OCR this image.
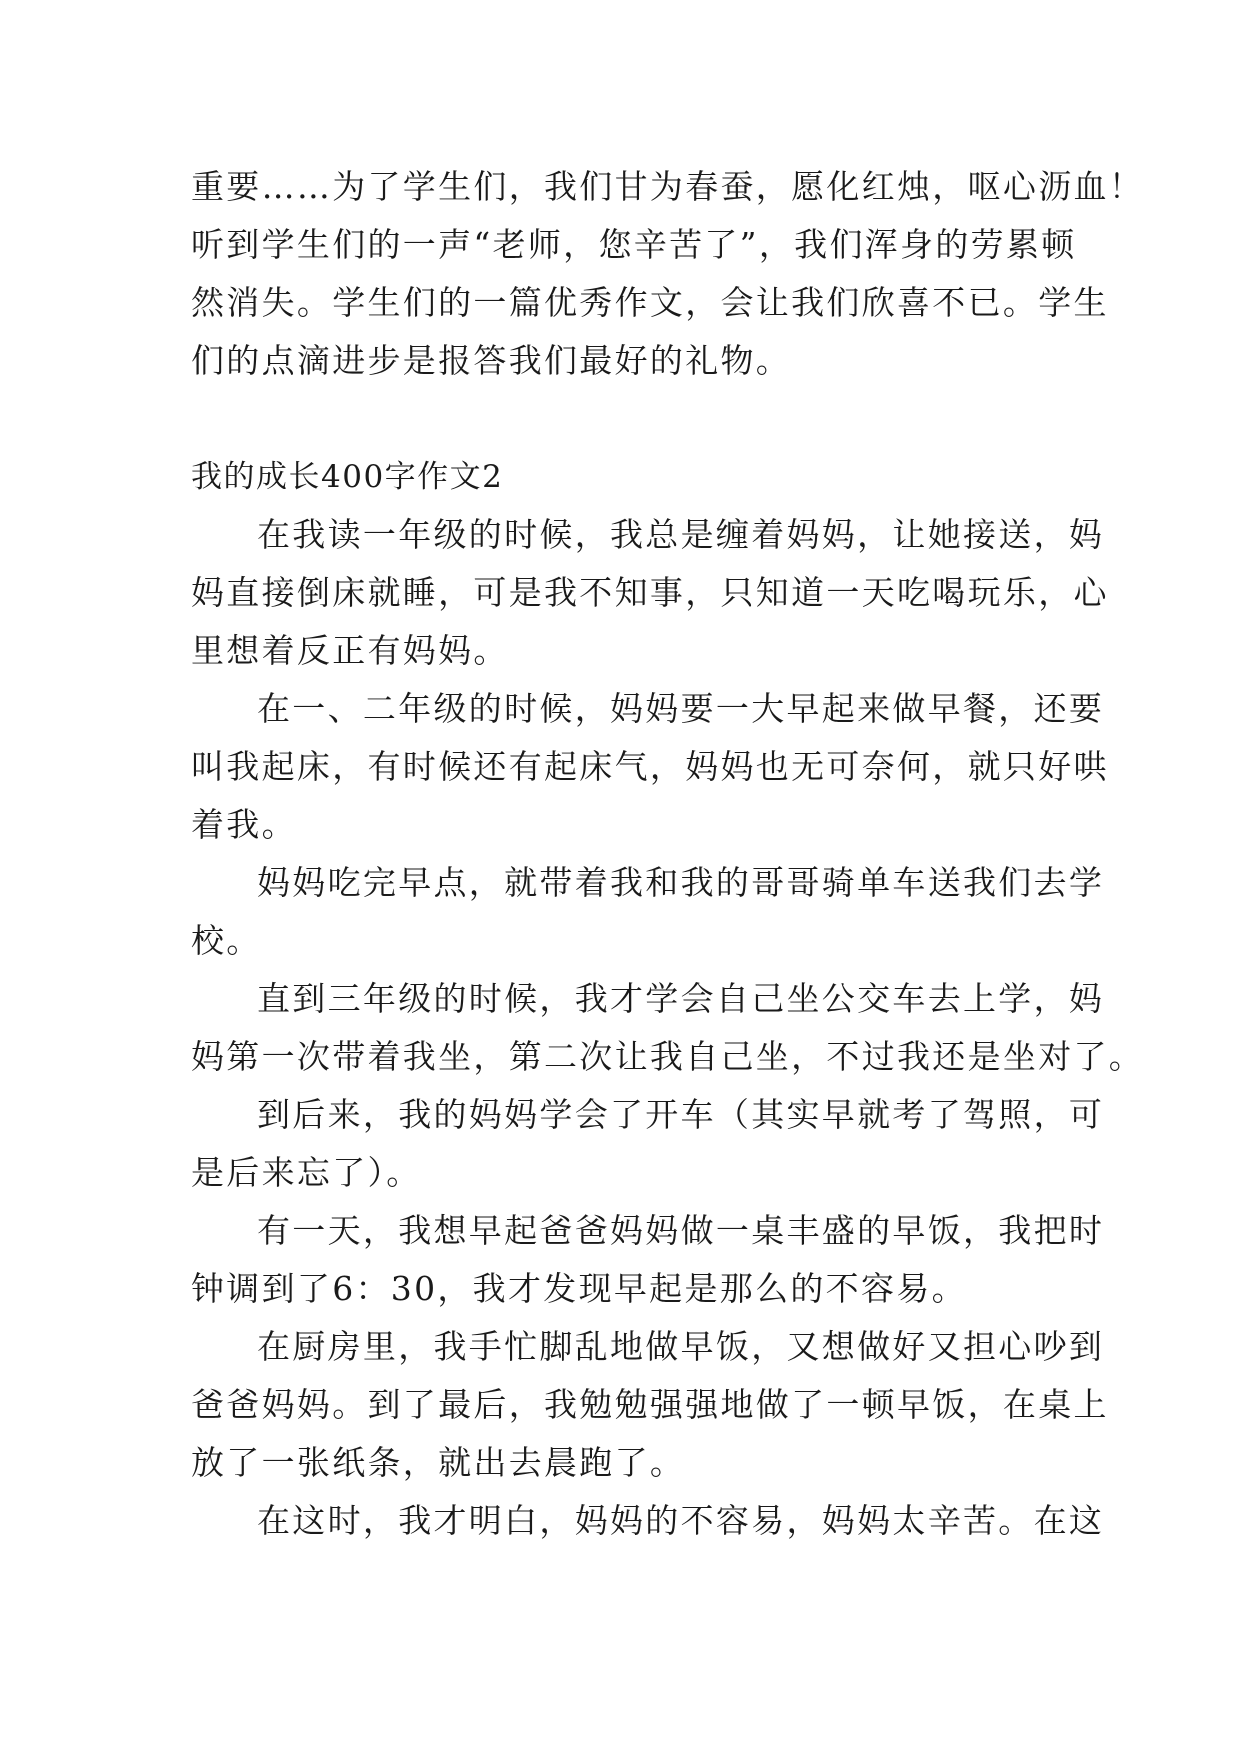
重要……为了学生们，我们甘为春蚕，愿化红烛，呕心沥血！
听到学生们的一声“老师，您辛苦了”，我们浑身的劳累顿
然消失。学生们的一篇优秀作文，会让我们欣喜不已。学生
们的点滴进步是报答我们最好的礼物。
我的成长400字作文2
在我读一年级的时候，我总是缠着妈妈，让她接送，妈
妈直接倒床就睡，可是我不知事，只知道一天吃喝玩乐，心
里想着反正有妈妈。
在一、二年级的时候，妈妈要一大早起来做早餐，还要
叫我起床，有时候还有起床气，妈妈也无可奈何，就只好哄
着我。
妈妈吃完早点，就带着我和我的哥哥骑单车送我们去学
校。
直到三年级的时候，我才学会自己坐公交车去上学，妈
妈第一次带着我坐，第二次让我自己坐，不过我还是坐对了。
到后来，我的妈妈学会了开车（其实早就考了驾照，可
是后来忘了）。
有一天，我想早起爸爸妈妈做一桌丰盛的早饭，我把时
钟调到了6：30，我才发现早起是那么的不容易。
在厨房里，我手忙脚乱地做早饭，又想做好又担心吵到
爸爸妈妈。到了最后，我勉勉强强地做了一顿早饭，在桌上
放了一张纸条，就出去晨跑了。
在这时，我才明白，妈妈的不容易，妈妈太辛苦。在这
